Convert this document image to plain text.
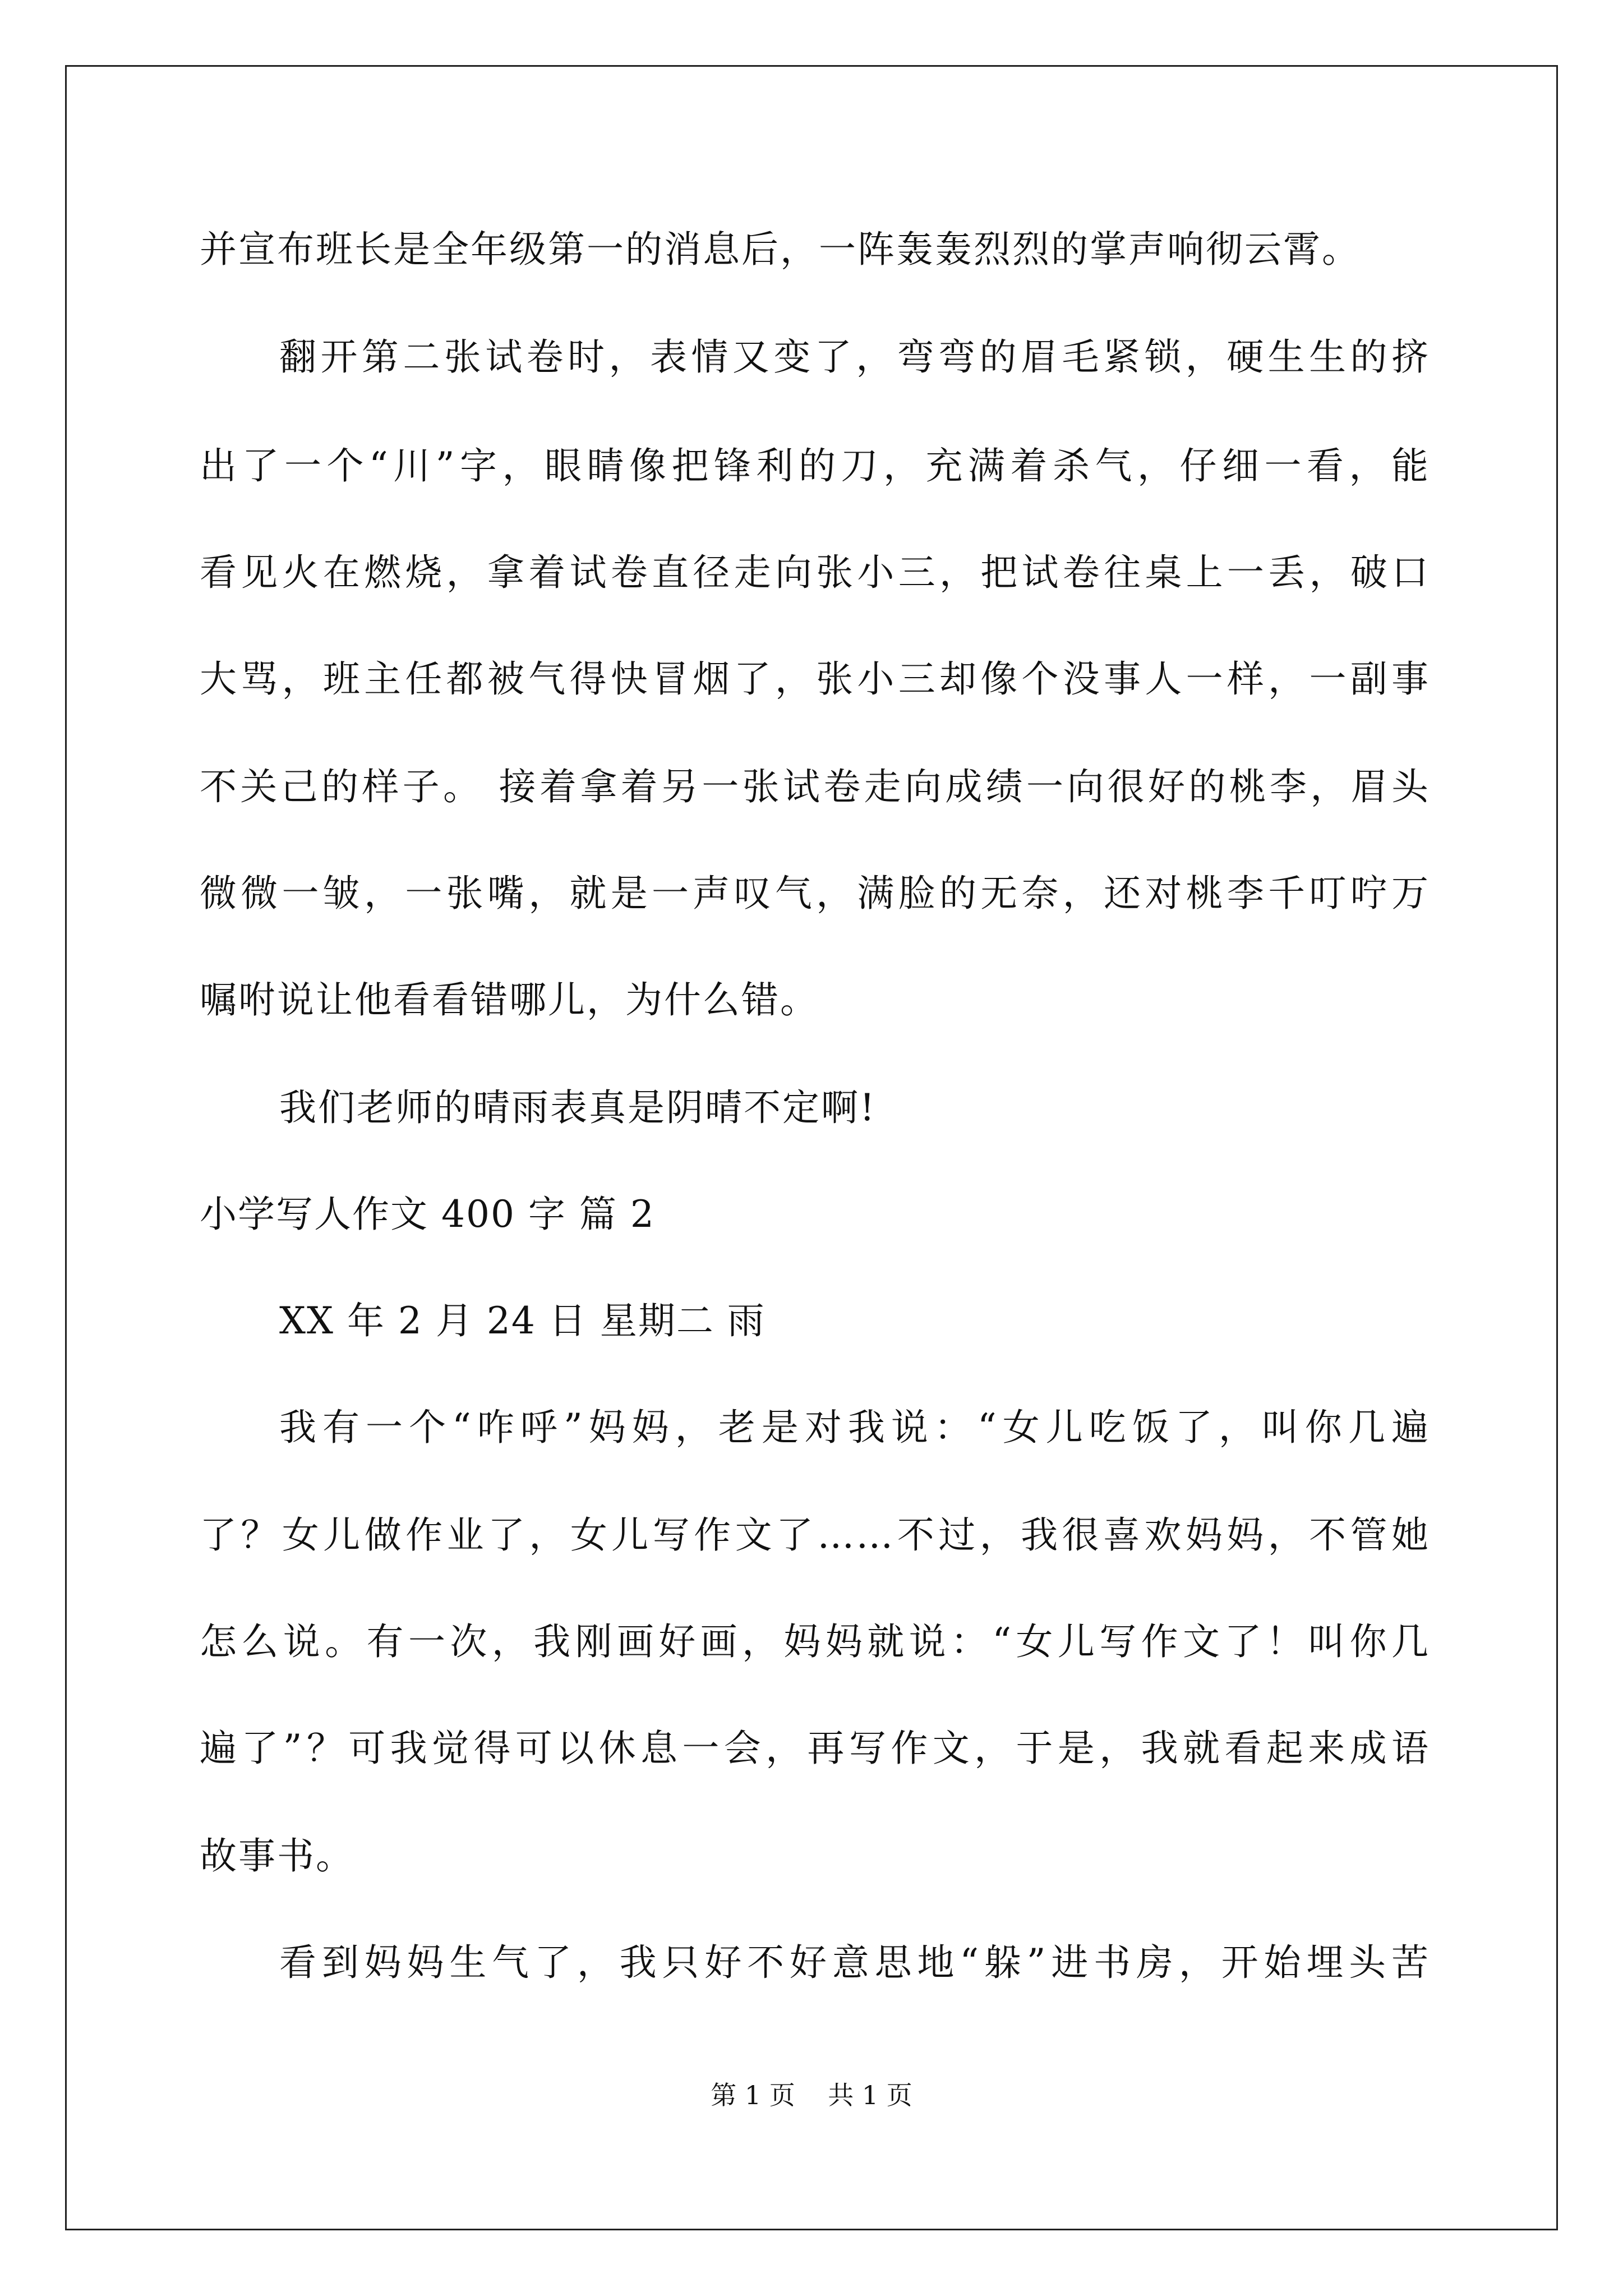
并宣布班长是全年级第一的消息后，一阵轰轰烈烈的掌声响彻云霄。
翻开第二张试卷时，表情又变了，弯弯的眉毛紧锁，硬生生的挤
出了一个“川”字，眼睛像把锋利的刀，充满着杀气，仔细一看，能
看见火在燃烧，拿着试卷直径走向张小三，把试卷往桌上一丢，破口
大骂，班主任都被气得快冒烟了，张小三却像个没事人一样，一副事
不关己的样子。 接着拿着另一张试卷走向成绩一向很好的桃李，眉头
微微一皱，一张嘴，就是一声叹气，满脸的无奈，还对桃李千叮咛万
嘱咐说让他看看错哪儿，为什么错。
我们老师的晴雨表真是阴晴不定啊!
小学写人作文 400 字 篇 2
XX 年 2 月 24 日 星期二 雨
我有一个“咋呼”妈妈，老是对我说：“女儿吃饭了，叫你几遍
了？女儿做作业了，女儿写作文了……不过，我很喜欢妈妈，不管她
怎么说。有一次，我刚画好画，妈妈就说：“女儿写作文了！叫你几
遍了”？可我觉得可以休息一会，再写作文，于是，我就看起来成语
故事书。
看到妈妈生气了，我只好不好意思地“躲”进书房，开始埋头苦
第 1 页    共 1 页
